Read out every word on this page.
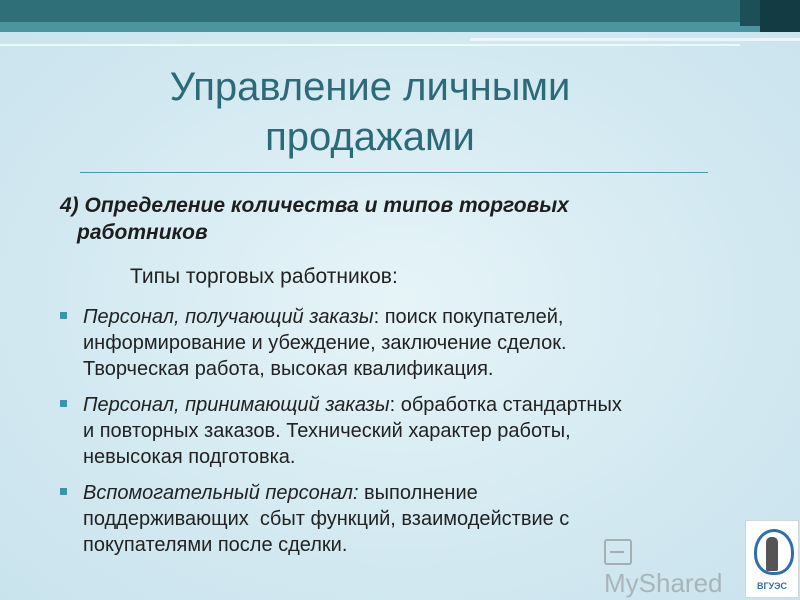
Управление личными
продажами
4) Определение количества и типов торговых
работников
Типы торговых работников:
Персонал, получающий заказы: поиск покупателей,
информирование и убеждение, заключение сделок.
Творческая работа, высокая квалификация.
Персонал, принимающий заказы: обработка стандартных
и повторных заказов. Технический характер работы,
невысокая подготовка.
Вспомогательный персонал: выполнение
поддерживающих  сбыт функций, взаимодействие с
покупателями после сделки.
MyShared	ВГУЭС
